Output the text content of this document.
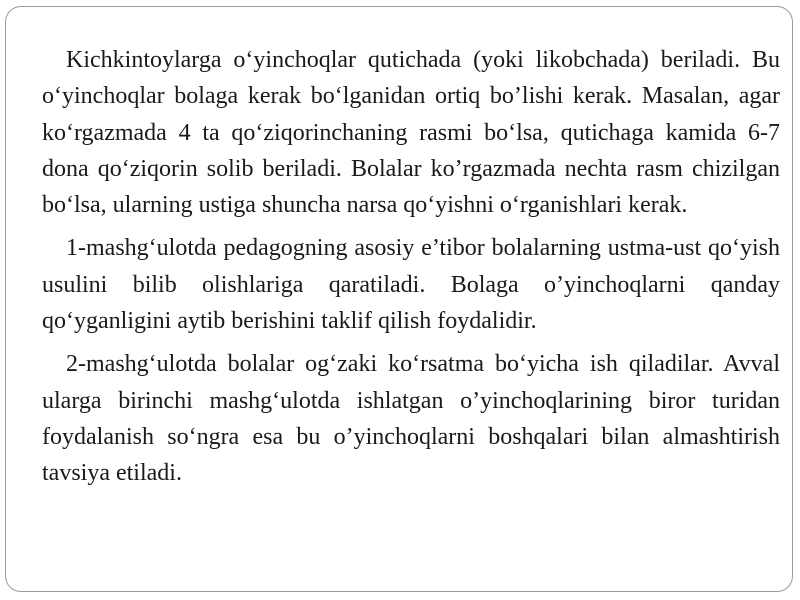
Kichkintoylarga o‘yinchoqlar qutichada (yoki likobchada) beriladi. Bu o‘yinchoqlar bolaga kerak bo‘lganidan ortiq bo’lishi kerak. Masalan, agar ko‘rgazmada 4 ta qo‘ziqorinchaning rasmi bo‘lsa, qutichaga kamida 6-7 dona qo‘ziqorin solib beriladi. Bolalar ko’rgazmada nechta rasm chizilgan bo‘lsa, ularning ustiga shuncha narsa qo‘yishni o‘rganishlari kerak.

1-mashg‘ulotda pedagogning asosiy e’tibor bolalarning ustma-ust qo‘yish usulini bilib olishlariga qaratiladi. Bolaga o’yinchoqlarni qanday qo‘yganligini aytib berishini taklif qilish foydalidir.

2-mashg‘ulotda bolalar og‘zaki ko‘rsatma bo‘yicha ish qiladilar. Avval ularga birinchi mashg‘ulotda ishlatgan o’yinchoqlarining biror turidan foydalanish so‘ngra esa bu o’yinchoqlarni boshqalari bilan almashtirish tavsiya etiladi.
